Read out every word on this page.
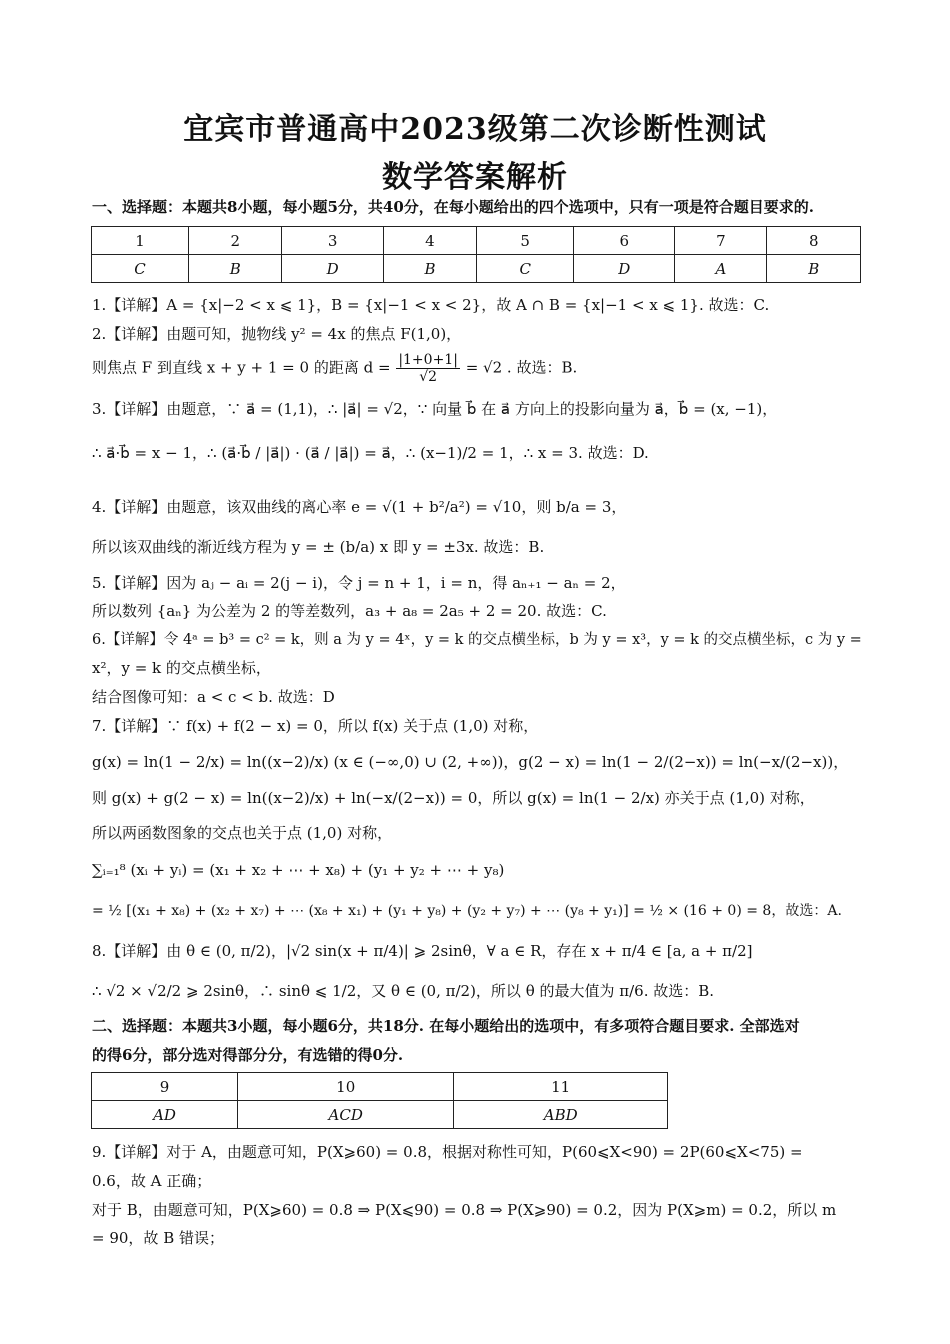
宜宾市普通高中2023级第二次诊断性测试
数学答案解析
一、选择题：本题共8小题，每小题5分，共40分，在每小题给出的四个选项中，只有一项是符合题目要求的.
1	2	3	4	5	6	7	8
C	B	D	B	C	D	A	B
1.【详解】A = {x|−2 < x ⩽ 1}，B = {x|−1 < x < 2}，故 A ∩ B = {x|−1 < x ⩽ 1}. 故选：C.
2.【详解】由题可知，抛物线 y² = 4x 的焦点 F(1,0)，
则焦点 F 到直线 x + y + 1 = 0 的距离 $d = \frac{|1+0+1|}{√2} = √2$ . 故选：B.
3.【详解】由题意，∵ a⃗ = (1,1)，∴ |a⃗| = √2，∵ 向量 b⃗ 在 a⃗ 方向上的投影向量为 a⃗，b⃗ = (x, −1)，
∴ a⃗·b⃗ = x − 1，∴ (a⃗·b⃗ / |a⃗|) · (a⃗ / |a⃗|) = a⃗，∴ (x−1)/2 = 1，∴ x = 3. 故选：D.
4.【详解】由题意，该双曲线的离心率 e = √(1 + b²/a²) = √10，则 b/a = 3，
所以该双曲线的渐近线方程为 y = ± (b/a) x 即 y = ±3x. 故选：B.
5.【详解】因为 aⱼ − aᵢ = 2(j − i)，令 j = n + 1，i = n，得 aₙ₊₁ − aₙ = 2，
所以数列 {aₙ} 为公差为 2 的等差数列，a₃ + a₈ = 2a₅ + 2 = 20. 故选：C.
6.【详解】令 4ᵃ = b³ = c² = k，则 a 为 y = 4ˣ，y = k 的交点横坐标，b 为 y = x³，y = k 的交点横坐标，c 为 y =
x²，y = k 的交点横坐标，
结合图像可知：a < c < b. 故选：D
7.【详解】∵ f(x) + f(2 − x) = 0，所以 f(x) 关于点 (1,0) 对称，
g(x) = ln(1 − 2/x) = ln((x−2)/x) (x ∈ (−∞,0) ∪ (2, +∞))，g(2 − x) = ln(1 − 2/(2−x)) = ln(−x/(2−x))，
则 g(x) + g(2 − x) = ln((x−2)/x) + ln(−x/(2−x)) = 0，所以 g(x) = ln(1 − 2/x) 亦关于点 (1,0) 对称，
所以两函数图象的交点也关于点 (1,0) 对称，
∑ᵢ₌₁⁸ (xᵢ + yᵢ) = (x₁ + x₂ + ⋯ + x₈) + (y₁ + y₂ + ⋯ + y₈)
= ½ [(x₁ + x₈) + (x₂ + x₇) + ⋯ (x₈ + x₁) + (y₁ + y₈) + (y₂ + y₇) + ⋯ (y₈ + y₁)] = ½ × (16 + 0) = 8，故选：A.
8.【详解】由 θ ∈ (0, π/2)，|√2 sin(x + π/4)| ⩾ 2sinθ，∀ a ∈ R，存在 x + π/4 ∈ [a, a + π/2]
∴ √2 × √2/2 ⩾ 2sinθ，∴ sinθ ⩽ 1/2，又 θ ∈ (0, π/2)，所以 θ 的最大值为 π/6. 故选：B.
二、选择题：本题共3小题，每小题6分，共18分. 在每小题给出的选项中，有多项符合题目要求. 全部选对
的得6分，部分选对得部分分，有选错的得0分.
9	10	11
AD	ACD	ABD
9.【详解】对于 A，由题意可知，P(X⩾60) = 0.8，根据对称性可知，P(60⩽X<90) = 2P(60⩽X<75) =
0.6，故 A 正确；
对于 B，由题意可知，P(X⩾60) = 0.8 ⇒ P(X⩽90) = 0.8 ⇒ P(X⩾90) = 0.2，因为 P(X⩾m) = 0.2，所以 m
= 90，故 B 错误；
